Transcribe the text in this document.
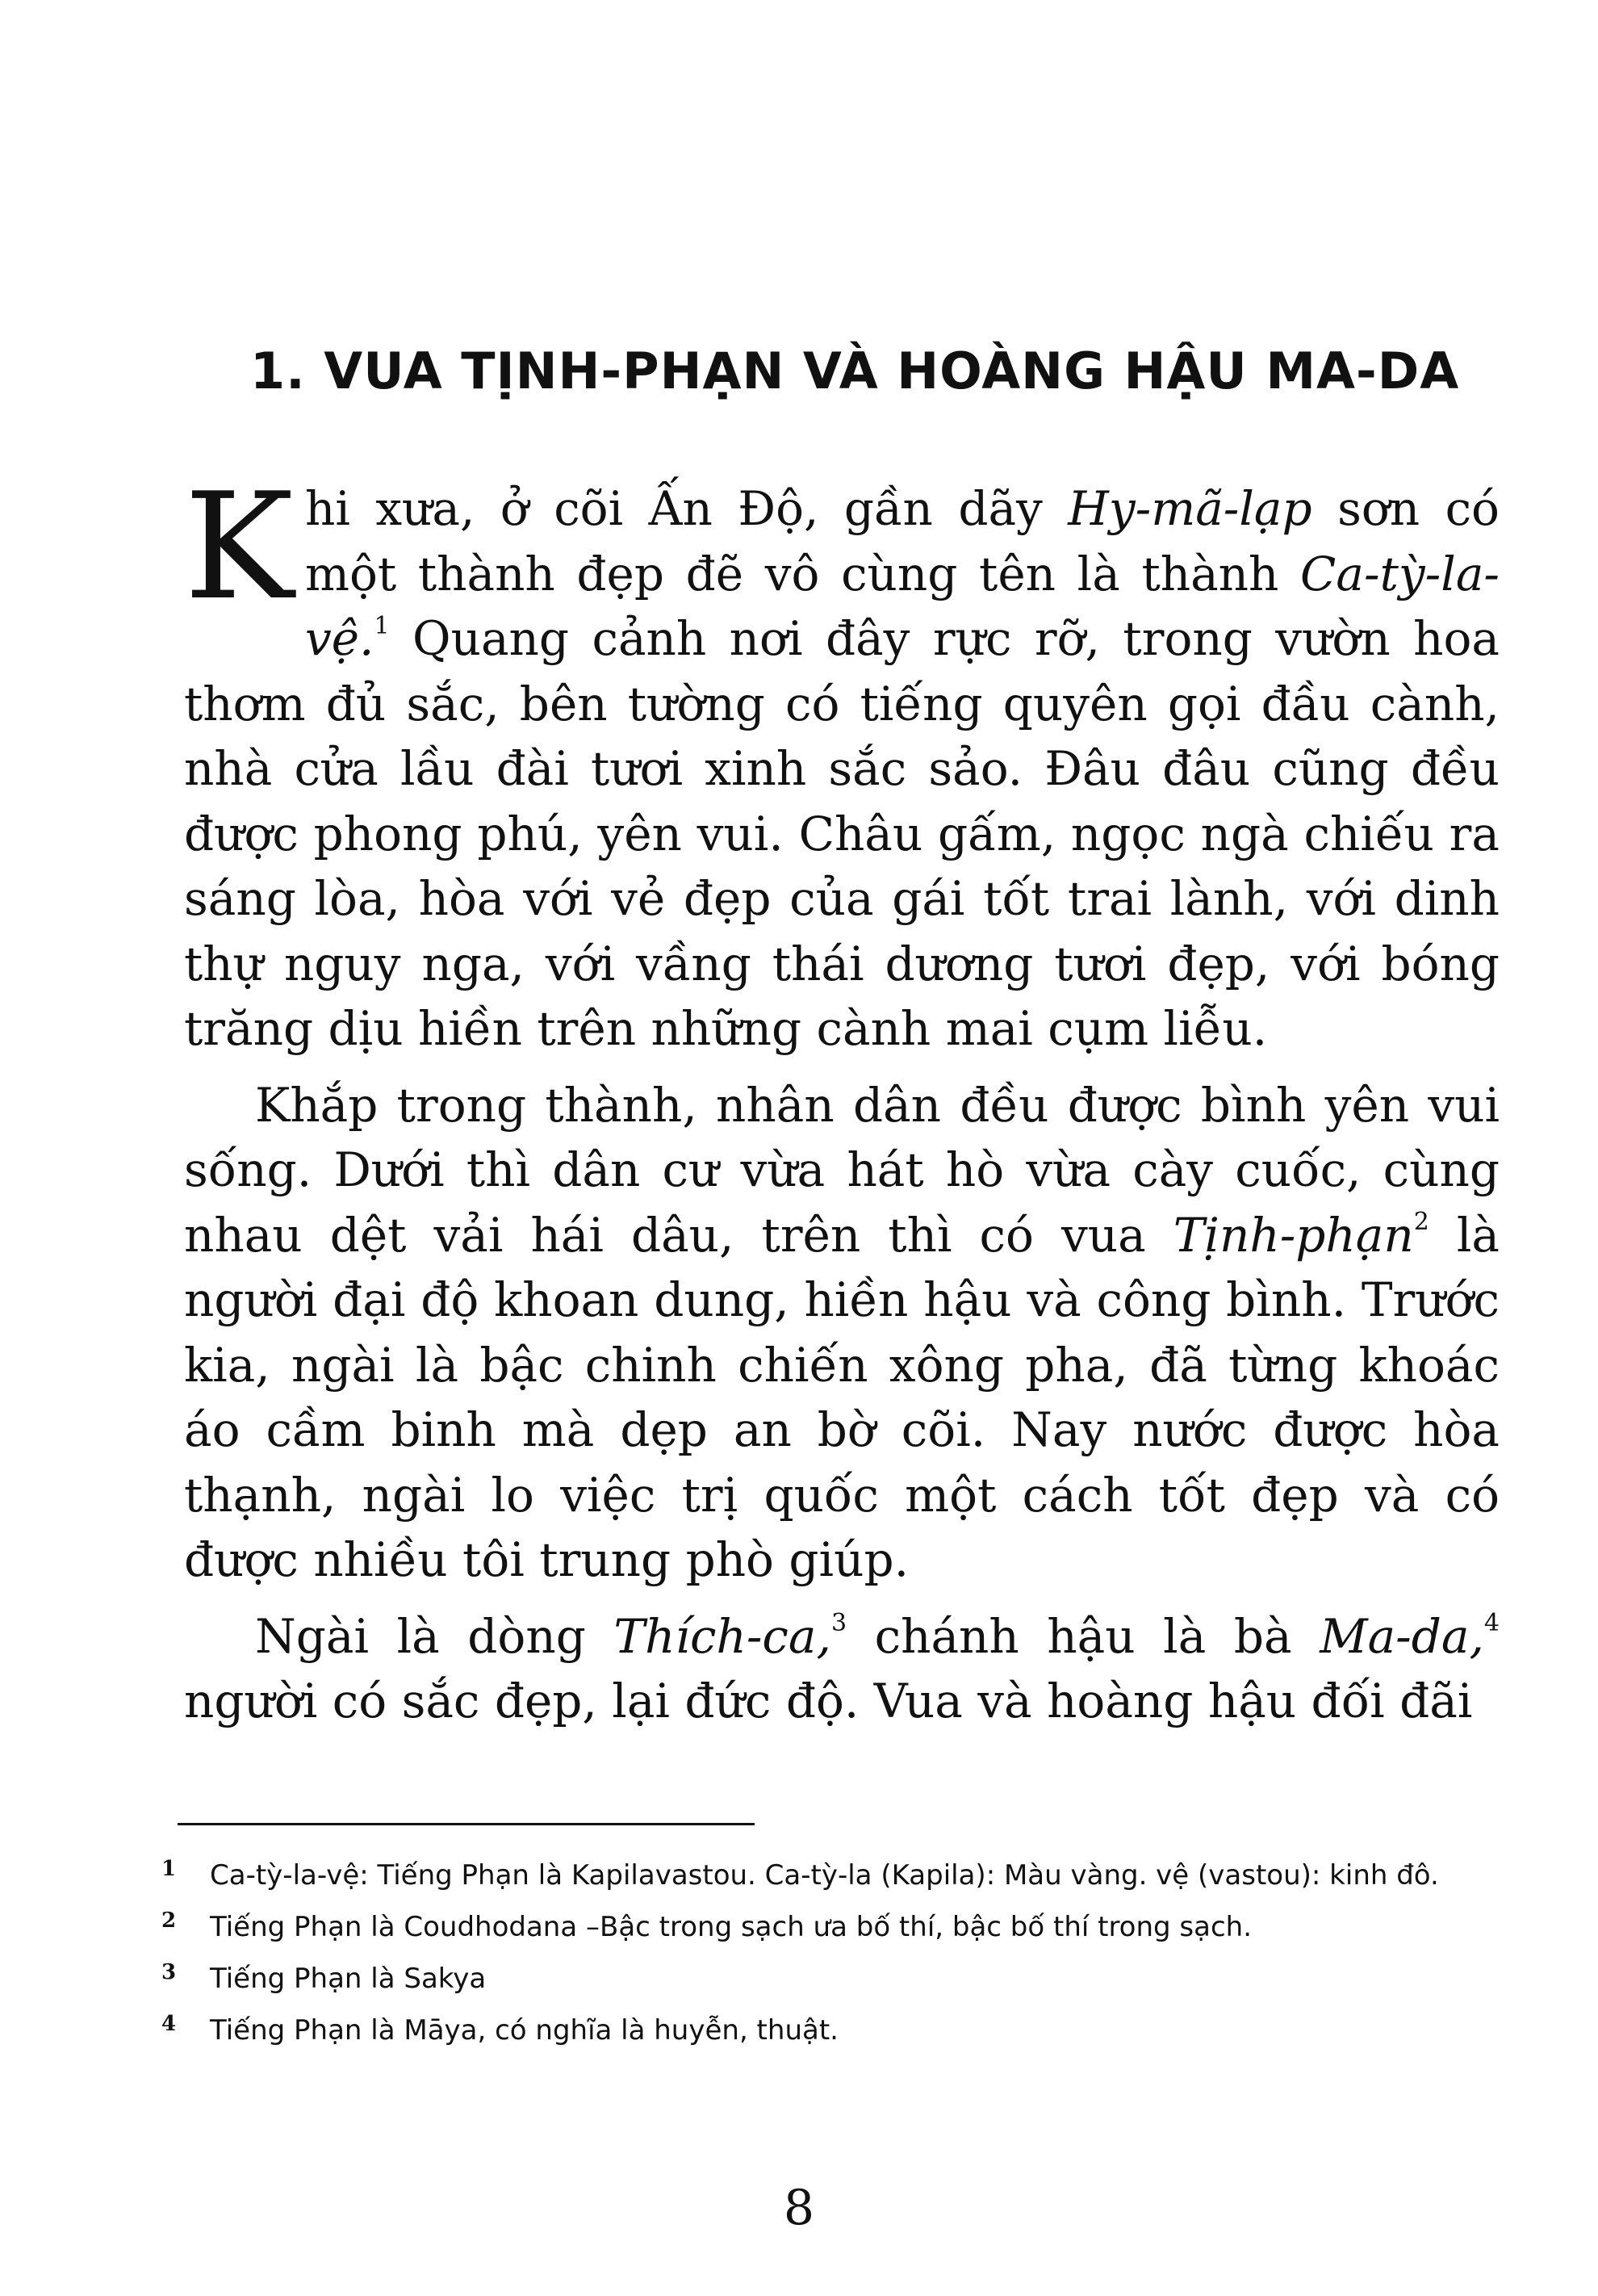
1. VUA TỊNH-PHẠN VÀ HOÀNG HẬU MA-DA

Khi xưa, ở cõi Ấn Độ, gần dãy Hy-mã-lạp sơn có một thành đẹp đẽ vô cùng tên là thành Ca-tỳ-la-vệ.$^1$ Quang cảnh nơi đây rực rỡ, trong vườn hoa thơm đủ sắc, bên tường có tiếng quyên gọi đầu cành, nhà cửa lầu đài tươi xinh sắc sảo. Đâu đâu cũng đều được phong phú, yên vui. Châu gấm, ngọc ngà chiếu ra sáng lòa, hòa với vẻ đẹp của gái tốt trai lành, với dinh thự nguy nga, với vầng thái dương tươi đẹp, với bóng trăng dịu hiền trên những cành mai cụm liễu.

Khắp trong thành, nhân dân đều được bình yên vui sống. Dưới thì dân cư vừa hát hò vừa cày cuốc, cùng nhau dệt vải hái dâu, trên thì có vua Tịnh-phạn$^2$ là người đại độ khoan dung, hiền hậu và công bình. Trước kia, ngài là bậc chinh chiến xông pha, đã từng khoác áo cầm binh mà dẹp an bờ cõi. Nay nước được hòa thạnh, ngài lo việc trị quốc một cách tốt đẹp và có được nhiều tôi trung phò giúp.

Ngài là dòng Thích-ca,$^3$ chánh hậu là bà Ma-da,$^4$ người có sắc đẹp, lại đức độ. Vua và hoàng hậu đối đãi

1 Ca-tỳ-la-vệ: Tiếng Phạn là Kapilavastou. Ca-tỳ-la (Kapila): Màu vàng. vệ (vastou): kinh đô.
2 Tiếng Phạn là Coudhodana –Bậc trong sạch ưa bố thí, bậc bố thí trong sạch.
3 Tiếng Phạn là Sakya
4 Tiếng Phạn là Māya, có nghĩa là huyễn, thuật.
8
